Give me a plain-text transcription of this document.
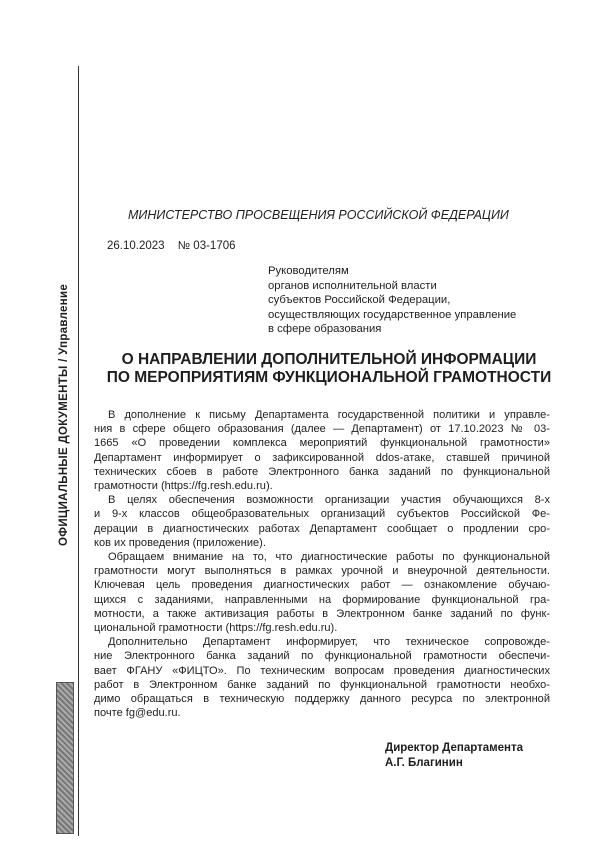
ОФИЦИАЛЬНЫЕ ДОКУМЕНТЫ / Управление
МИНИСТЕРСТВО ПРОСВЕЩЕНИЯ РОССИЙСКОЙ ФЕДЕРАЦИИ
26.10.2023 № 03-1706
Руководителям
органов исполнительной власти
субъектов Российской Федерации,
осуществляющих государственное управление
в сфере образования
О НАПРАВЛЕНИИ ДОПОЛНИТЕЛЬНОЙ ИНФОРМАЦИИ
ПО МЕРОПРИЯТИЯМ ФУНКЦИОНАЛЬНОЙ ГРАМОТНОСТИ
В дополнение к письму Департамента государственной политики и управле-
ния в сфере общего образования (далее — Департамент) от 17.10.2023 № 03-
1665 «О проведении комплекса мероприятий функциональной грамотности»
Департамент информирует о зафиксированной ddos-атаке, ставшей причиной
технических сбоев в работе Электронного банка заданий по функциональной
грамотности (https://fg.resh.edu.ru).
В целях обеспечения возможности организации участия обучающихся 8-х
и 9-х классов общеобразовательных организаций субъектов Российской Фе-
дерации в диагностических работах Департамент сообщает о продлении сро-
ков их проведения (приложение).
Обращаем внимание на то, что диагностические работы по функциональной
грамотности могут выполняться в рамках урочной и внеурочной деятельности.
Ключевая цель проведения диагностических работ — ознакомление обучаю-
щихся с заданиями, направленными на формирование функциональной гра-
мотности, а также активизация работы в Электронном банке заданий по функ-
циональной грамотности (https://fg.resh.edu.ru).
Дополнительно Департамент информирует, что техническое сопровожде-
ние Электронного банка заданий по функциональной грамотности обеспечи-
вает ФГАНУ «ФИЦТО». По техническим вопросам проведения диагностических
работ в Электронном банке заданий по функциональной грамотности необхо-
димо обращаться в техническую поддержку данного ресурса по электронной
почте fg@edu.ru.
Директор Департамента
А.Г. Благинин
